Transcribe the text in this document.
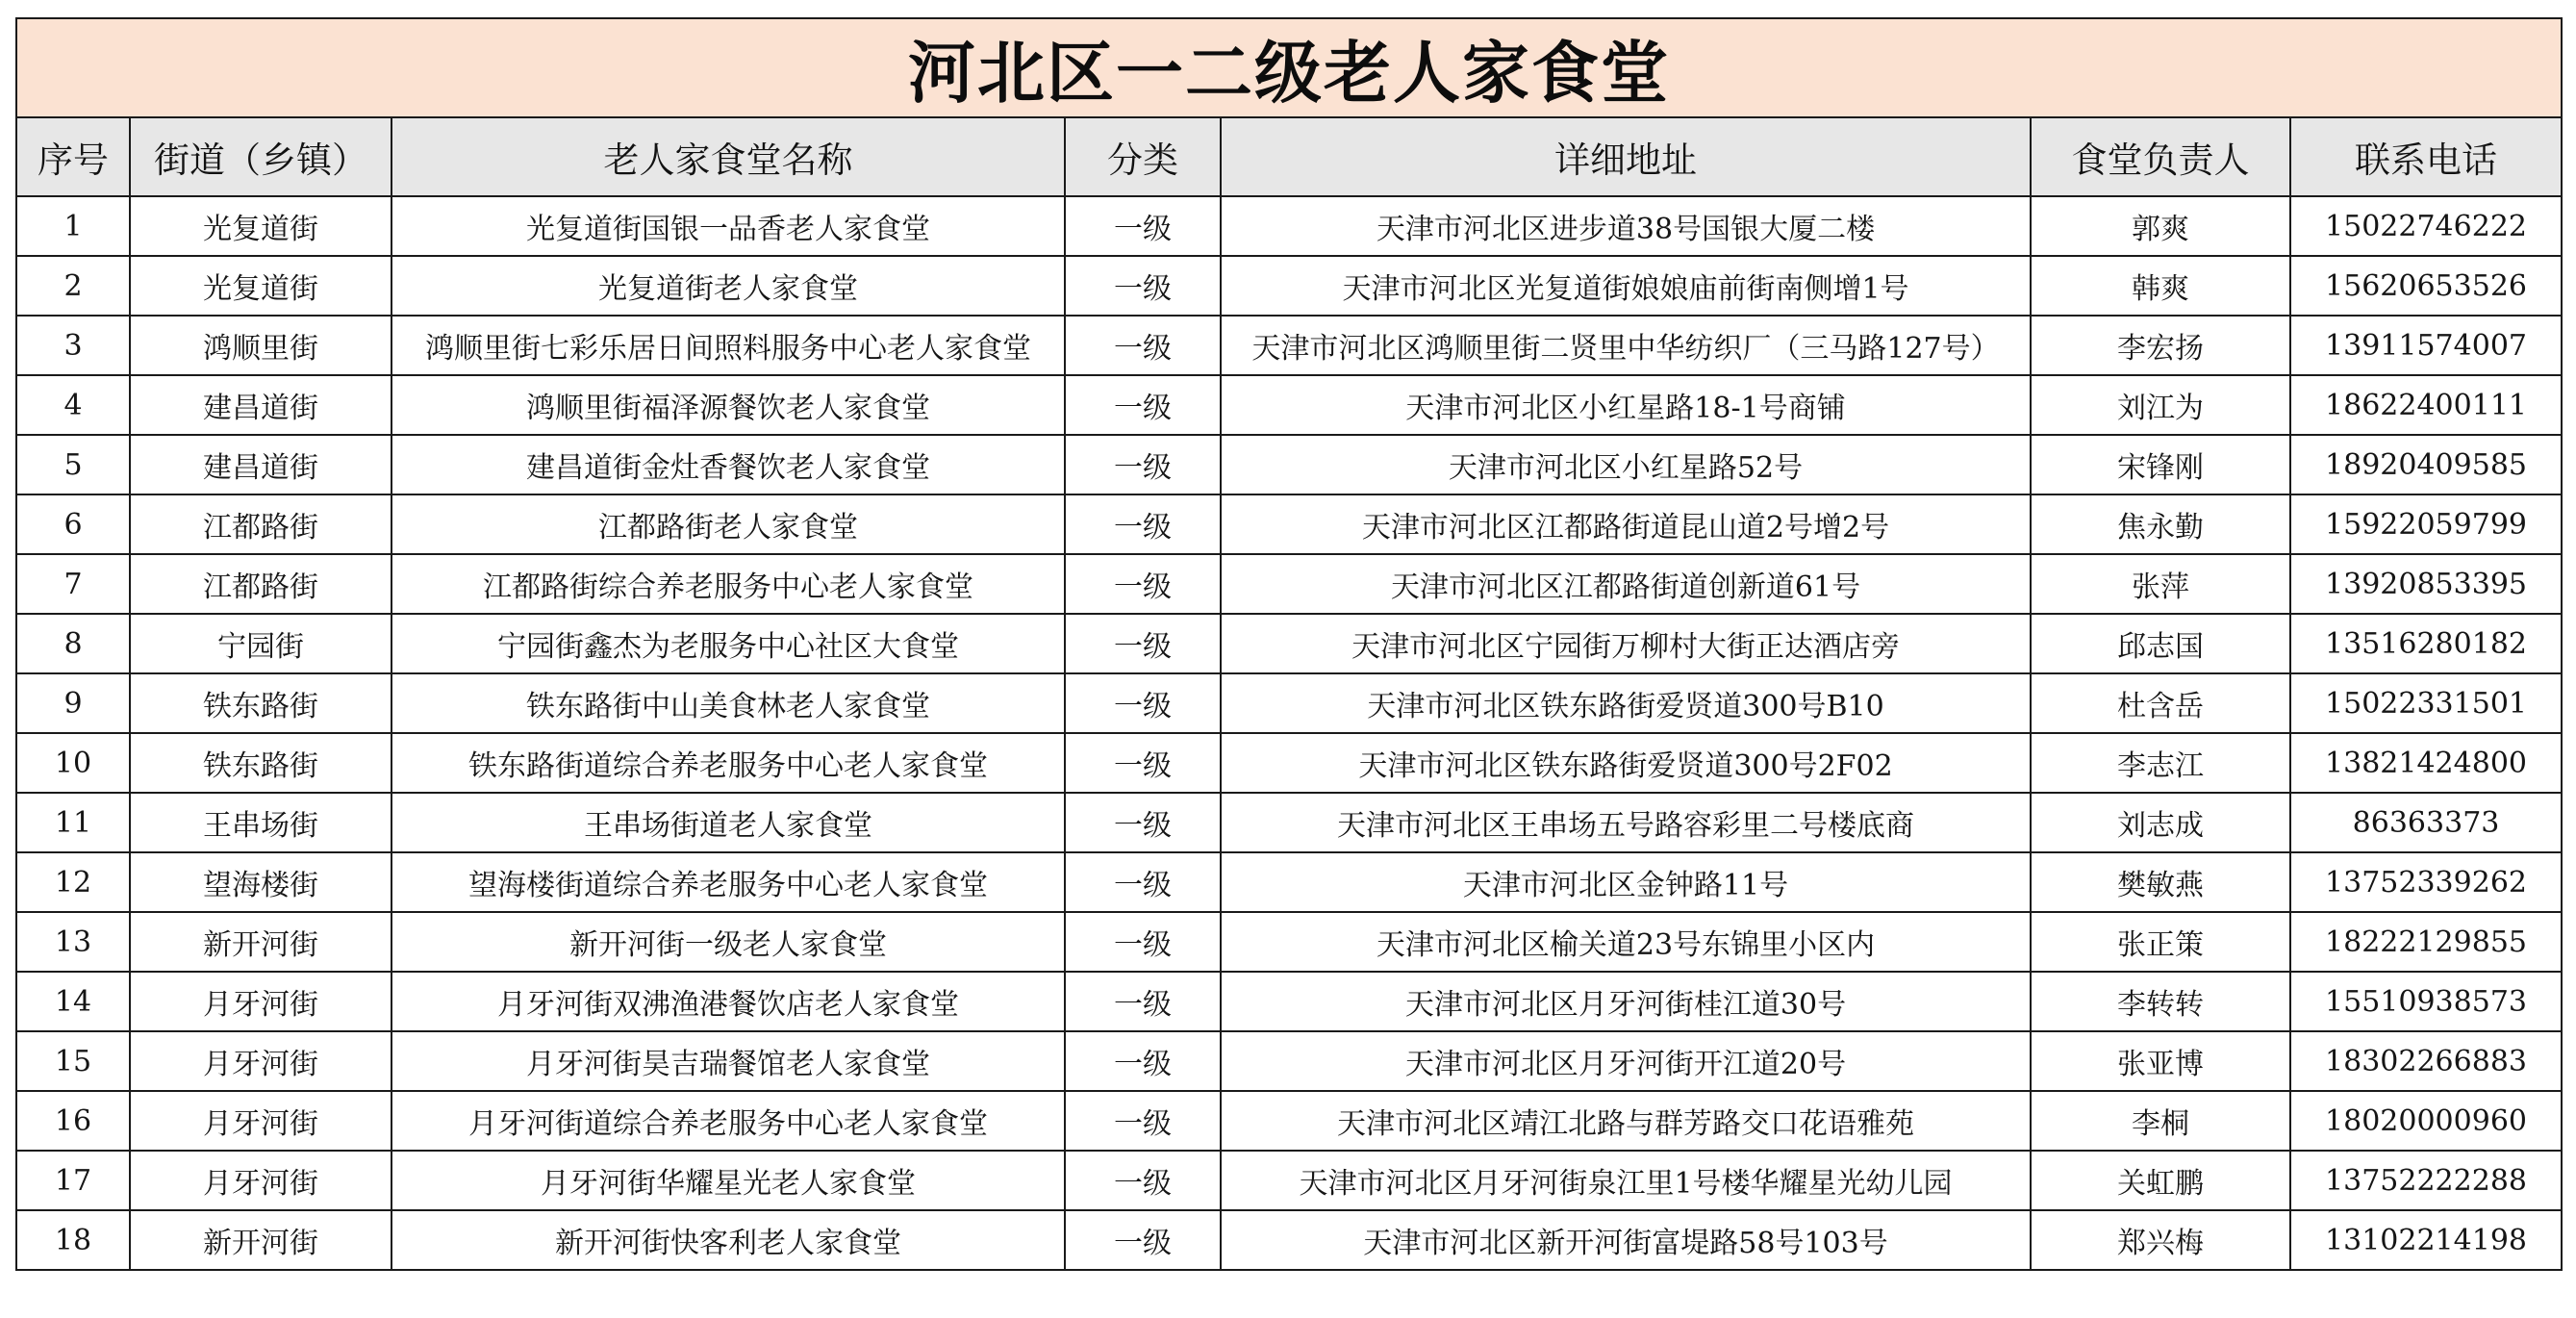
河北区一二级老人家食堂						
序号	街道（乡镇）	老人家食堂名称	分类	详细地址	食堂负责人	联系电话
1	光复道街	光复道街国银一品香老人家食堂	一级	天津市河北区进步道38号国银大厦二楼	郭爽	15022746222
2	光复道街	光复道街老人家食堂	一级	天津市河北区光复道街娘娘庙前街南侧增1号	韩爽	15620653526
3	鸿顺里街	鸿顺里街七彩乐居日间照料服务中心老人家食堂	一级	天津市河北区鸿顺里街二贤里中华纺织厂（三马路127号）	李宏扬	13911574007
4	建昌道街	鸿顺里街福泽源餐饮老人家食堂	一级	天津市河北区小红星路18-1号商铺	刘江为	18622400111
5	建昌道街	建昌道街金灶香餐饮老人家食堂	一级	天津市河北区小红星路52号	宋锋刚	18920409585
6	江都路街	江都路街老人家食堂	一级	天津市河北区江都路街道昆山道2号增2号	焦永勤	15922059799
7	江都路街	江都路街综合养老服务中心老人家食堂	一级	天津市河北区江都路街道创新道61号	张萍	13920853395
8	宁园街	宁园街鑫杰为老服务中心社区大食堂	一级	天津市河北区宁园街万柳村大街正达酒店旁	邱志国	13516280182
9	铁东路街	铁东路街中山美食林老人家食堂	一级	天津市河北区铁东路街爱贤道300号B10	杜含岳	15022331501
10	铁东路街	铁东路街道综合养老服务中心老人家食堂	一级	天津市河北区铁东路街爱贤道300号2F02	李志江	13821424800
11	王串场街	王串场街道老人家食堂	一级	天津市河北区王串场五号路容彩里二号楼底商	刘志成	86363373
12	望海楼街	望海楼街道综合养老服务中心老人家食堂	一级	天津市河北区金钟路11号	樊敏燕	13752339262
13	新开河街	新开河街一级老人家食堂	一级	天津市河北区榆关道23号东锦里小区内	张正策	18222129855
14	月牙河街	月牙河街双沸渔港餐饮店老人家食堂	一级	天津市河北区月牙河街桂江道30号	李转转	15510938573
15	月牙河街	月牙河街昊吉瑞餐馆老人家食堂	一级	天津市河北区月牙河街开江道20号	张亚博	18302266883
16	月牙河街	月牙河街道综合养老服务中心老人家食堂	一级	天津市河北区靖江北路与群芳路交口花语雅苑	李桐	18020000960
17	月牙河街	月牙河街华耀星光老人家食堂	一级	天津市河北区月牙河街泉江里1号楼华耀星光幼儿园	关虹鹏	13752222288
18	新开河街	新开河街快客利老人家食堂	一级	天津市河北区新开河街富堤路58号103号	郑兴梅	13102214198
